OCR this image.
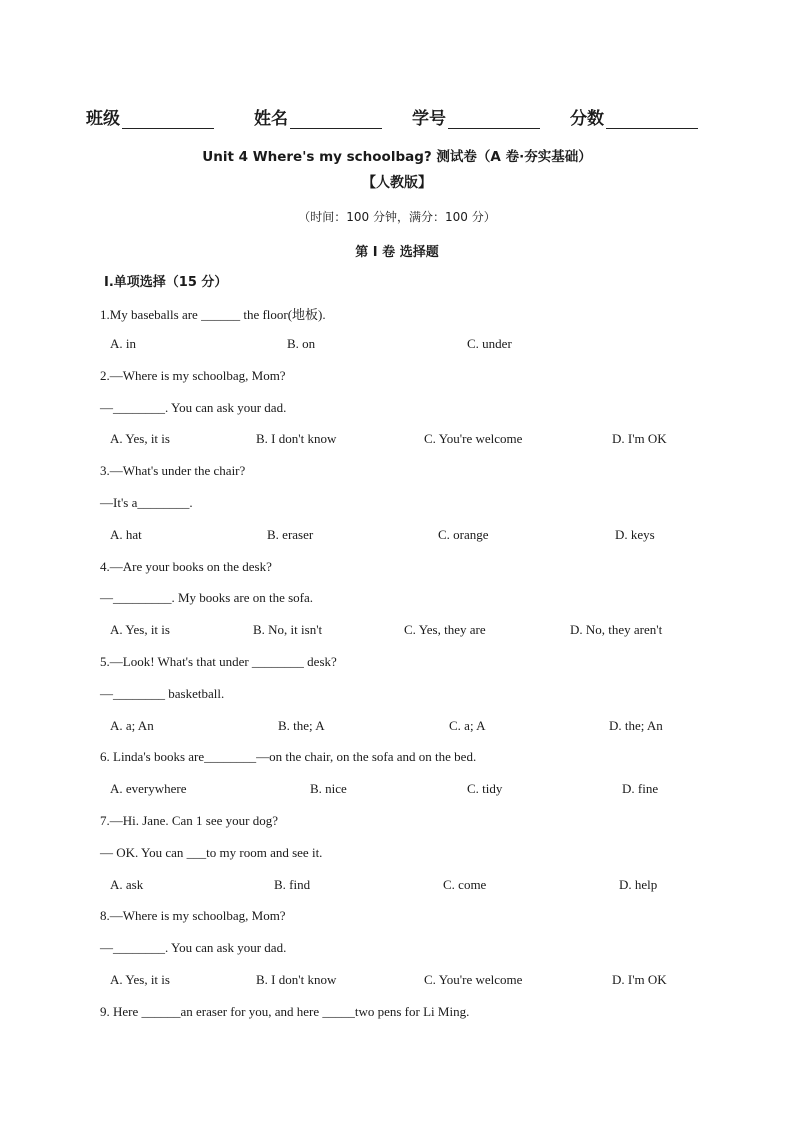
班级	姓名	学号	分数
Unit 4 Where's my schoolbag? 测试卷（A 卷·夯实基础）
【人教版】
（时间：100 分钟，满分：100 分）
第 I 卷 选择题
Ⅰ.单项选择（15 分）
1.My baseballs are ______ the floor(地板).
A. in	B. on	C. under
2.—Where is my schoolbag, Mom?
—________. You can ask your dad.
A. Yes, it is	B. I don't know	C. You're welcome	D. I'm OK
3.—What's under the chair?
—It's a________.
A. hat	B. eraser	C. orange	D. keys
4.—Are your books on the desk?
—_________. My books are on the sofa.
A. Yes, it is	B. No, it isn't	C. Yes, they are	D. No, they aren't
5.—Look! What's that under ________ desk?
—________ basketball.
A. a; An	B. the; A	C. a; A	D. the; An
6. Linda's books are________—on the chair, on the sofa and on the bed.
A. everywhere	B. nice	C. tidy	D. fine
7.—Hi. Jane. Can 1 see your dog?
— OK. You can ___to my room and see it.
A. ask	B. find	C. come	D. help
8.—Where is my schoolbag, Mom?
—________. You can ask your dad.
A. Yes, it is	B. I don't know	C. You're welcome	D. I'm OK
9. Here ______an eraser for you, and here _____two pens for Li Ming.
